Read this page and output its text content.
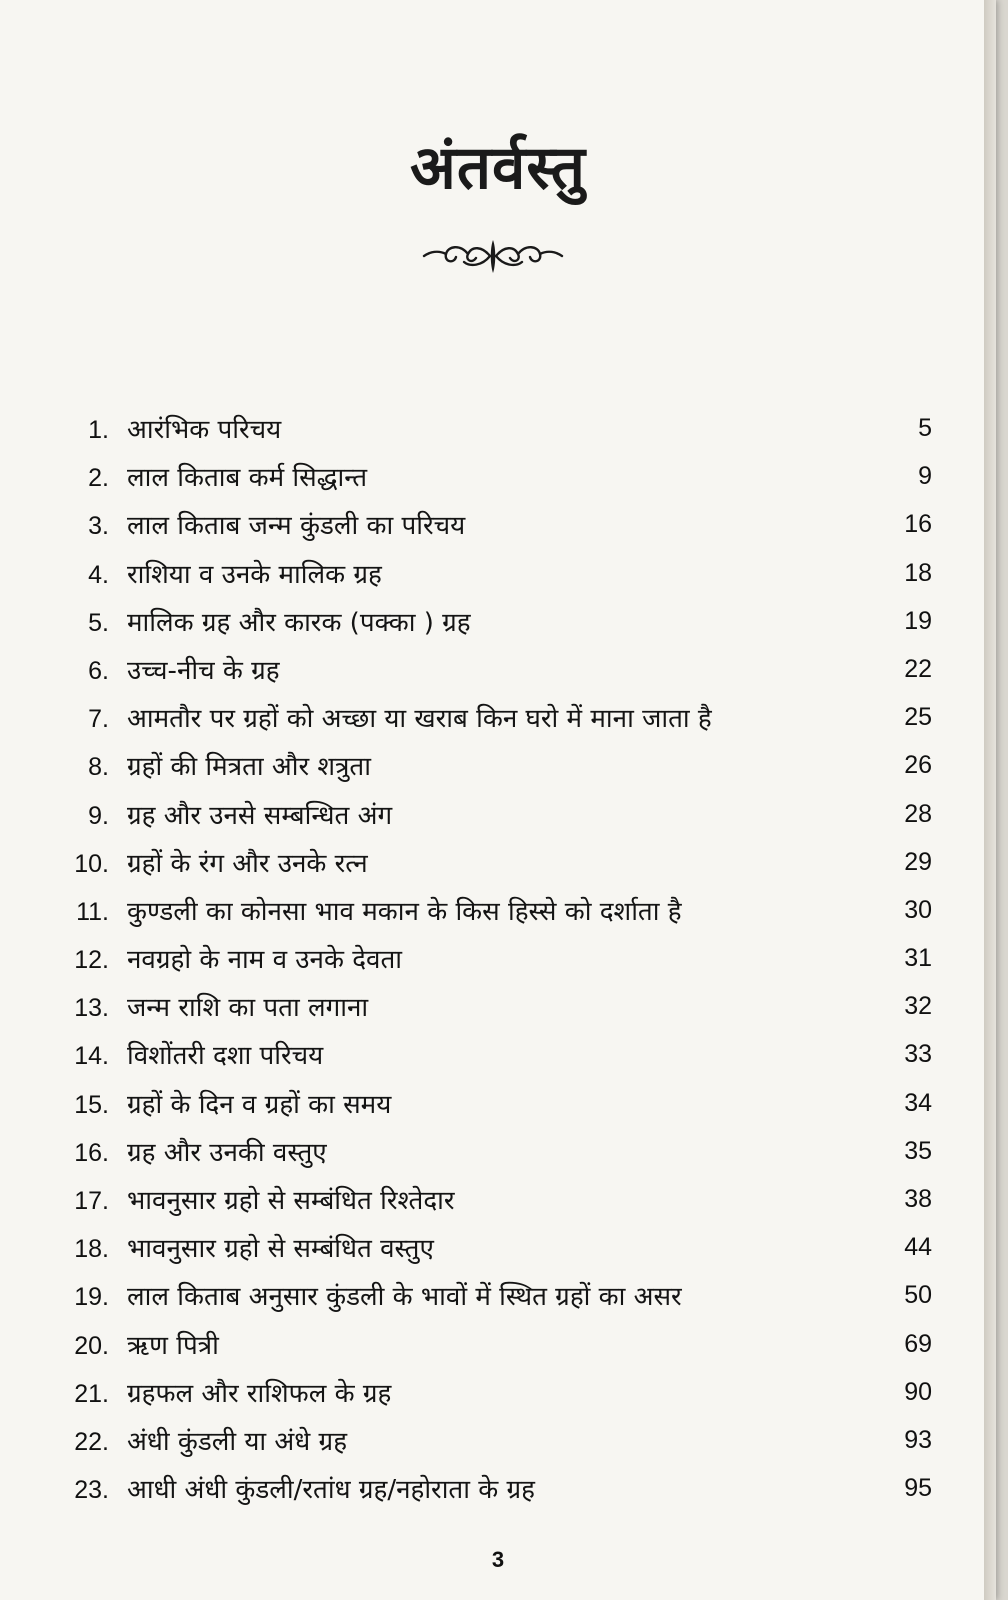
अंतर्वस्तु
1. आरंभिक परिचय	5
2. लाल किताब कर्म सिद्धान्त	9
3. लाल किताब जन्म कुंडली का परिचय	16
4. राशिया व उनके मालिक ग्रह	18
5. मालिक ग्रह और कारक (पक्का ) ग्रह	19
6. उच्च-नीच के ग्रह	22
7. आमतौर पर ग्रहों को अच्छा या खराब किन घरो में माना जाता है	25
8. ग्रहों की मित्रता और शत्रुता	26
9. ग्रह और उनसे सम्बन्धित अंग	28
10. ग्रहों के रंग और उनके रत्न	29
11. कुण्डली का कोनसा भाव मकान के किस हिस्से को दर्शाता है	30
12. नवग्रहो के नाम व उनके देवता	31
13. जन्म राशि का पता लगाना	32
14. विशोंतरी दशा परिचय	33
15. ग्रहों के दिन व ग्रहों का समय	34
16. ग्रह और उनकी वस्तुए	35
17. भावनुसार ग्रहो से सम्बंधित रिश्तेदार	38
18. भावनुसार ग्रहो से सम्बंधित वस्तुए	44
19. लाल किताब अनुसार कुंडली के भावों में स्थित ग्रहों का असर	50
20. ऋण पित्री	69
21. ग्रहफल और राशिफल के ग्रह	90
22. अंधी कुंडली या अंधे ग्रह	93
23. आधी अंधी कुंडली/रतांध ग्रह/नहोराता के ग्रह	95
3
